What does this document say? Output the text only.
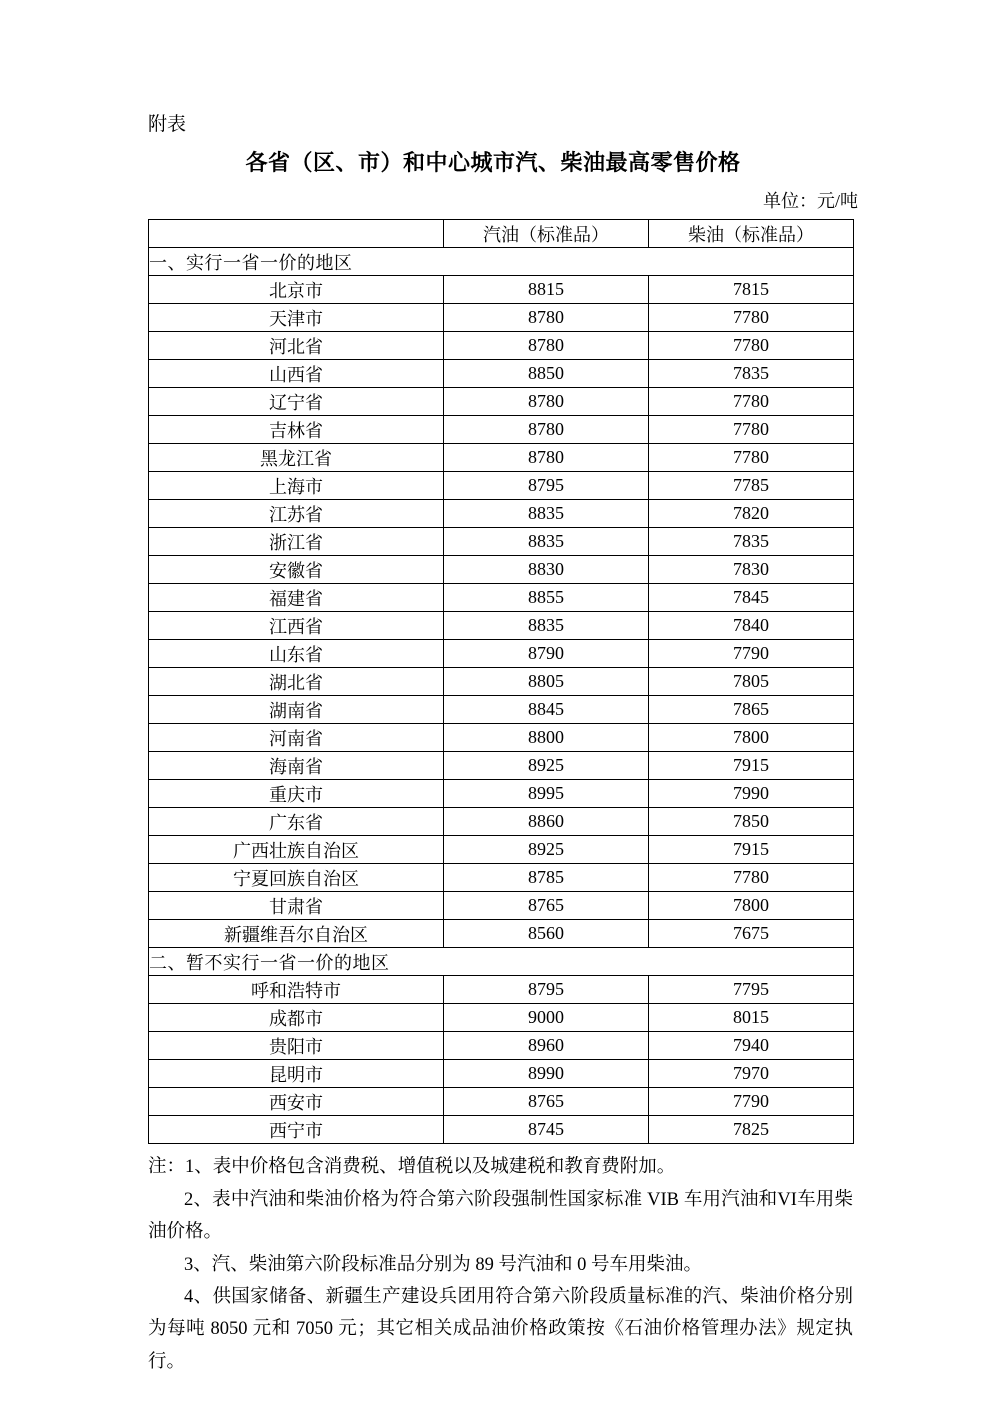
附表
各省（区、市）和中心城市汽、柴油最高零售价格
单位：元/吨
	汽油（标准品）	柴油（标准品）
一、实行一省一价的地区		
北京市	8815	7815
天津市	8780	7780
河北省	8780	7780
山西省	8850	7835
辽宁省	8780	7780
吉林省	8780	7780
黑龙江省	8780	7780
上海市	8795	7785
江苏省	8835	7820
浙江省	8835	7835
安徽省	8830	7830
福建省	8855	7845
江西省	8835	7840
山东省	8790	7790
湖北省	8805	7805
湖南省	8845	7865
河南省	8800	7800
海南省	8925	7915
重庆市	8995	7990
广东省	8860	7850
广西壮族自治区	8925	7915
宁夏回族自治区	8785	7780
甘肃省	8765	7800
新疆维吾尔自治区	8560	7675
二、暂不实行一省一价的地区		
呼和浩特市	8795	7795
成都市	9000	8015
贵阳市	8960	7940
昆明市	8990	7970
西安市	8765	7790
西宁市	8745	7825

注：1、表中价格包含消费税、增值税以及城建税和教育费附加。

2、表中汽油和柴油价格为符合第六阶段强制性国家标准 VIB 车用汽油和VI车用柴油价格。

3、汽、柴油第六阶段标准品分别为 89 号汽油和 0 号车用柴油。

4、供国家储备、新疆生产建设兵团用符合第六阶段质量标准的汽、柴油价格分别为每吨 8050 元和 7050 元；其它相关成品油价格政策按《石油价格管理办法》规定执行。
